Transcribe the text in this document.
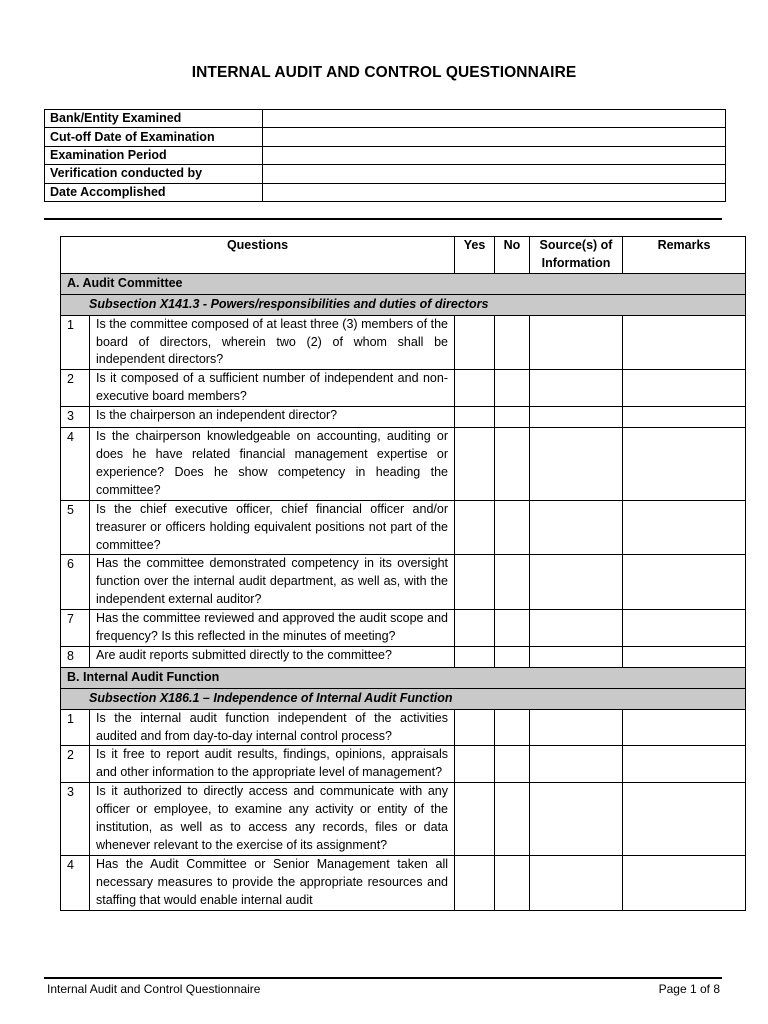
INTERNAL AUDIT AND CONTROL QUESTIONNAIRE
Bank/Entity Examined	
Cut-off Date of Examination	
Examination Period	
Verification conducted by	
Date Accomplished	
Questions		Yes	No	Source(s) of Information	Remarks
A. Audit Committee					
Subsection X141.3 - Powers/responsibilities and duties of directors					
1	Is the committee composed of at least three (3) members of the board of directors, wherein two (2) of whom shall be independent directors?				
2	Is it composed of a sufficient number of independent and non-executive board members?				
3	Is the chairperson an independent director?				
4	Is the chairperson knowledgeable on accounting, auditing or does he have related financial management expertise or experience? Does he show competency in heading the committee?				
5	Is the chief executive officer, chief financial officer and/or treasurer or officers holding equivalent positions not part of the committee?				
6	Has the committee demonstrated competency in its oversight function over the internal audit department, as well as, with the independent external auditor?				
7	Has the committee reviewed and approved the audit scope and frequency? Is this reflected in the minutes of meeting?				
8	Are audit reports submitted directly to the committee?				
B. Internal Audit Function					
Subsection X186.1 – Independence of Internal Audit Function					
1	Is the internal audit function independent of the activities audited and from day-to-day internal control process?				
2	Is it free to report audit results, findings, opinions, appraisals and other information to the appropriate level of management?				
3	Is it authorized to directly access and communicate with any officer or employee, to examine any activity or entity of the institution, as well as to access any records, files or data whenever relevant to the exercise of its assignment?				
4	Has the Audit Committee or Senior Management taken all necessary measures to provide the appropriate resources and staffing that would enable internal audit				
Internal Audit and Control Questionnaire	Page 1 of 8
